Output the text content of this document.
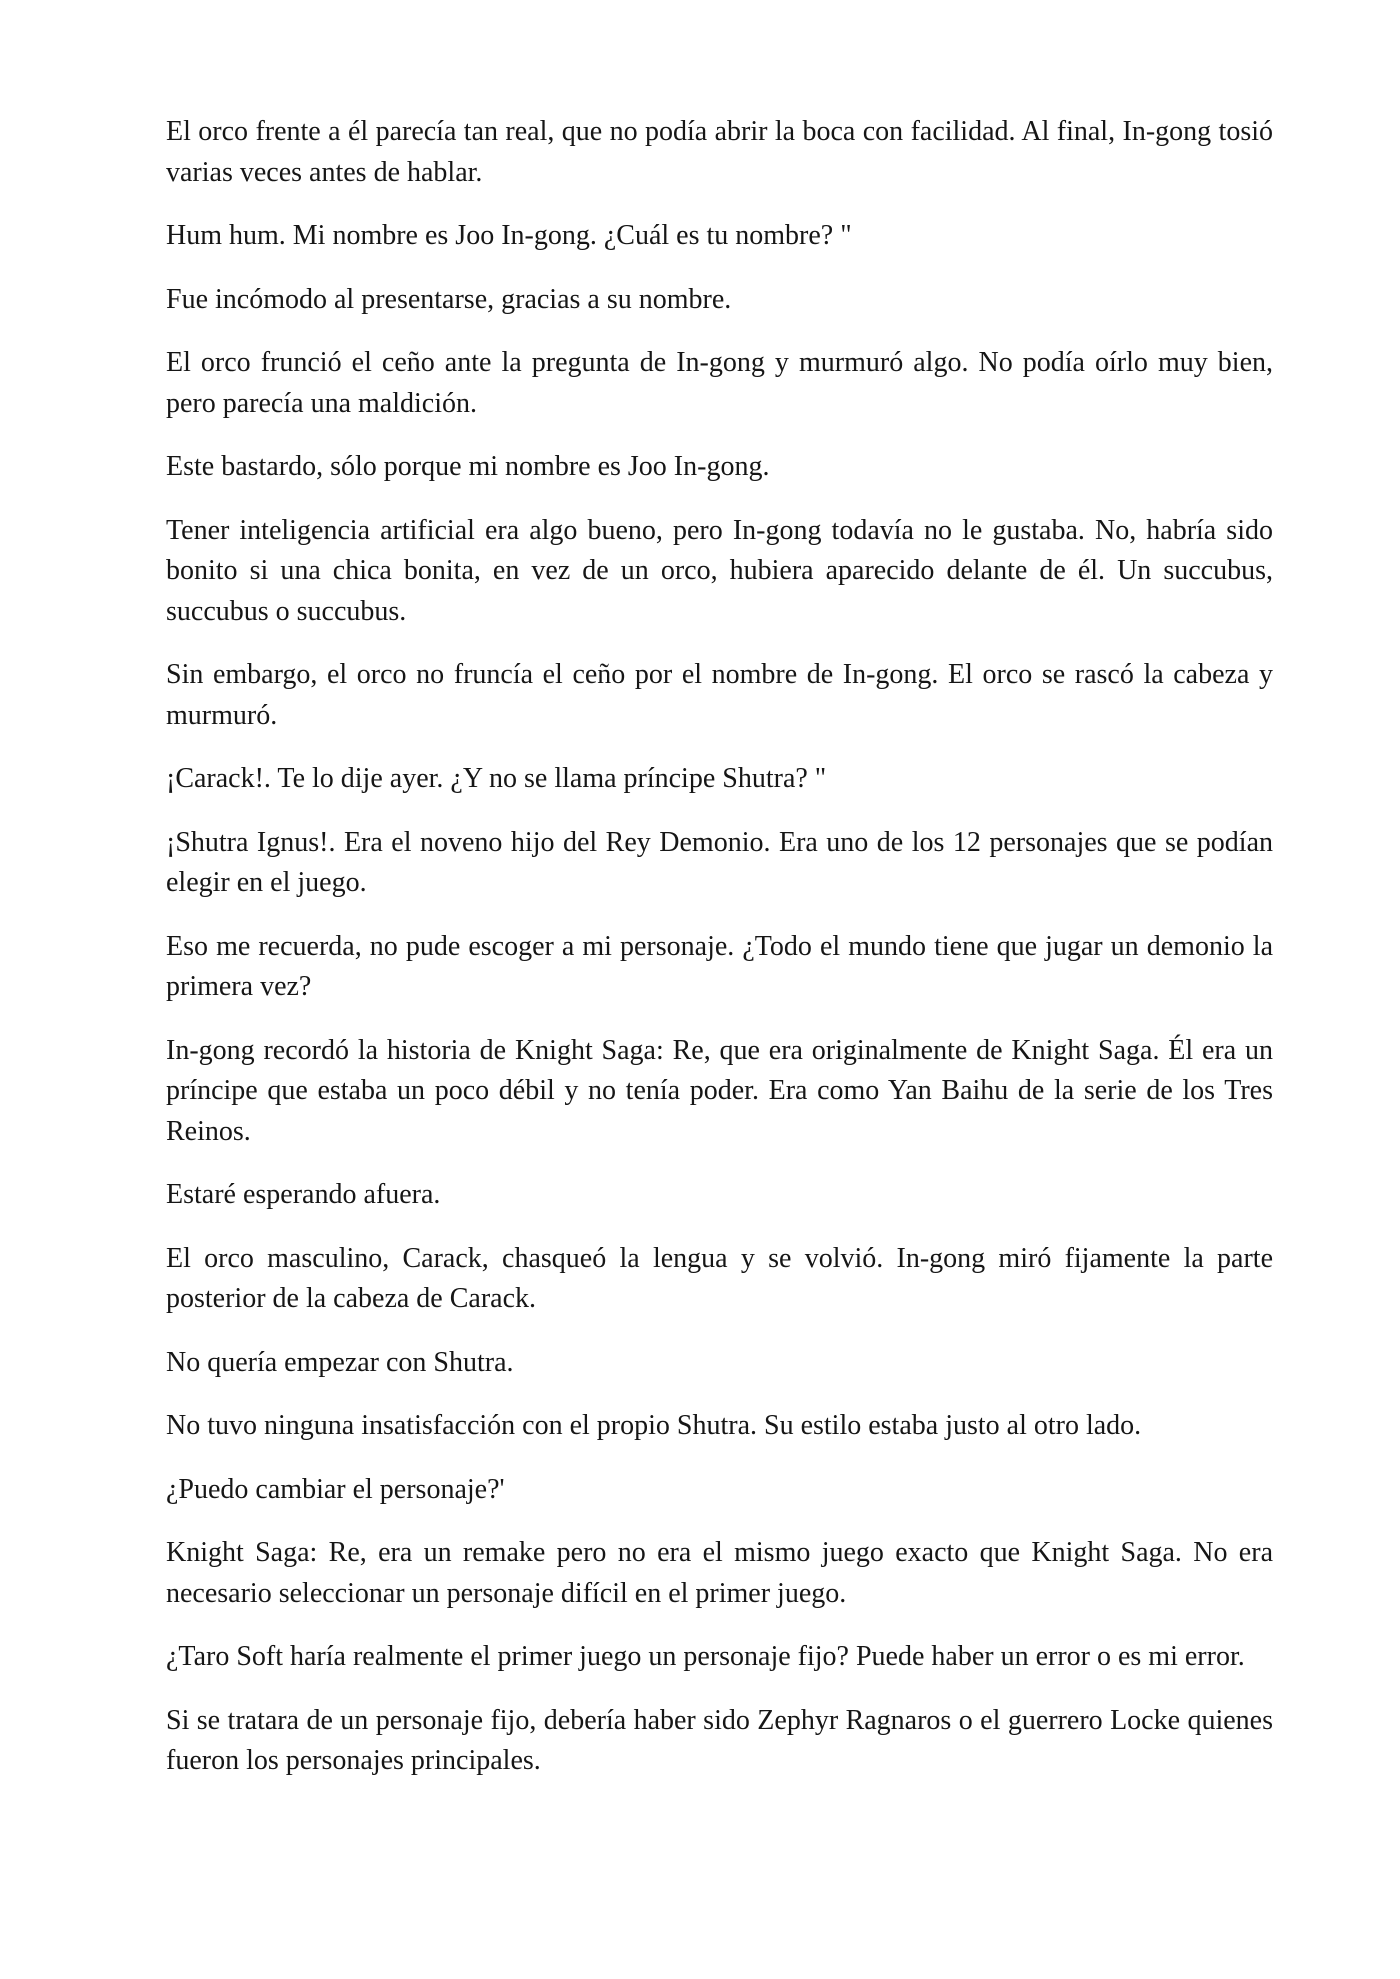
El orco frente a él parecía tan real, que no podía abrir la boca con facilidad. Al final, In-gong tosió varias veces antes de hablar.

Hum hum. Mi nombre es Joo In-gong. ¿Cuál es tu nombre? "

Fue incómodo al presentarse, gracias a su nombre.

El orco frunció el ceño ante la pregunta de In-gong y murmuró algo. No podía oírlo muy bien, pero parecía una maldición.

Este bastardo, sólo porque mi nombre es Joo In-gong.

Tener inteligencia artificial era algo bueno, pero In-gong todavía no le gustaba. No, habría sido bonito si una chica bonita, en vez de un orco, hubiera aparecido delante de él. Un succubus, succubus o succubus.

Sin embargo, el orco no fruncía el ceño por el nombre de In-gong. El orco se rascó la cabeza y murmuró.

¡Carack!. Te lo dije ayer. ¿Y no se llama príncipe Shutra? "

¡Shutra Ignus!. Era el noveno hijo del Rey Demonio. Era uno de los 12 personajes que se podían elegir en el juego.

Eso me recuerda, no pude escoger a mi personaje. ¿Todo el mundo tiene que jugar un demonio la primera vez?

In-gong recordó la historia de Knight Saga: Re, que era originalmente de Knight Saga. Él era un príncipe que estaba un poco débil y no tenía poder. Era como Yan Baihu de la serie de los Tres Reinos.

Estaré esperando afuera.

El orco masculino, Carack, chasqueó la lengua y se volvió. In-gong miró fijamente la parte posterior de la cabeza de Carack.

No quería empezar con Shutra.

No tuvo ninguna insatisfacción con el propio Shutra. Su estilo estaba justo al otro lado.

¿Puedo cambiar el personaje?'

Knight Saga: Re, era un remake pero no era el mismo juego exacto que Knight Saga. No era necesario seleccionar un personaje difícil en el primer juego.

¿Taro Soft haría realmente el primer juego un personaje fijo? Puede haber un error o es mi error.

Si se tratara de un personaje fijo, debería haber sido Zephyr Ragnaros o el guerrero Locke quienes fueron los personajes principales.
